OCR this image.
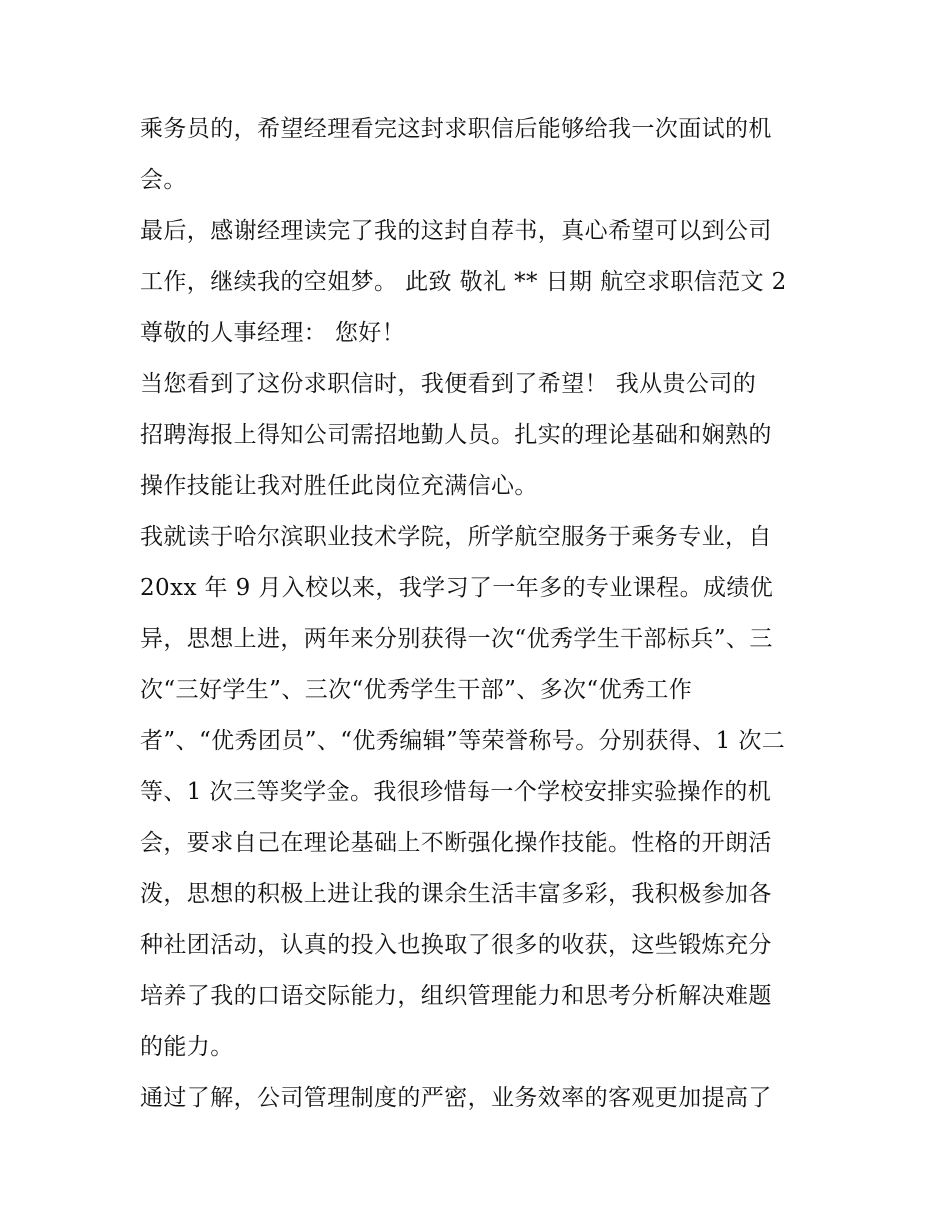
乘务员的，希望经理看完这封求职信后能够给我一次面试的机
会。
最后，感谢经理读完了我的这封自荐书，真心希望可以到公司
工作，继续我的空姐梦。 此致 敬礼 ** 日期 航空求职信范文 2
尊敬的人事经理： 您好！
当您看到了这份求职信时，我便看到了希望！ 我从贵公司的
招聘海报上得知公司需招地勤人员。扎实的理论基础和娴熟的
操作技能让我对胜任此岗位充满信心。
我就读于哈尔滨职业技术学院，所学航空服务于乘务专业，自
20xx 年 9 月入校以来，我学习了一年多的专业课程。成绩优
异，思想上进，两年来分别获得一次“优秀学生干部标兵”、三
次“三好学生”、三次“优秀学生干部”、多次“优秀工作
者”、“优秀团员”、“优秀编辑”等荣誉称号。分别获得、1 次二
等、1 次三等奖学金。我很珍惜每一个学校安排实验操作的机
会，要求自己在理论基础上不断强化操作技能。性格的开朗活
泼，思想的积极上进让我的课余生活丰富多彩，我积极参加各
种社团活动，认真的投入也换取了很多的收获，这些锻炼充分
培养了我的口语交际能力，组织管理能力和思考分析解决难题
的能力。
通过了解，公司管理制度的严密，业务效率的客观更加提高了
